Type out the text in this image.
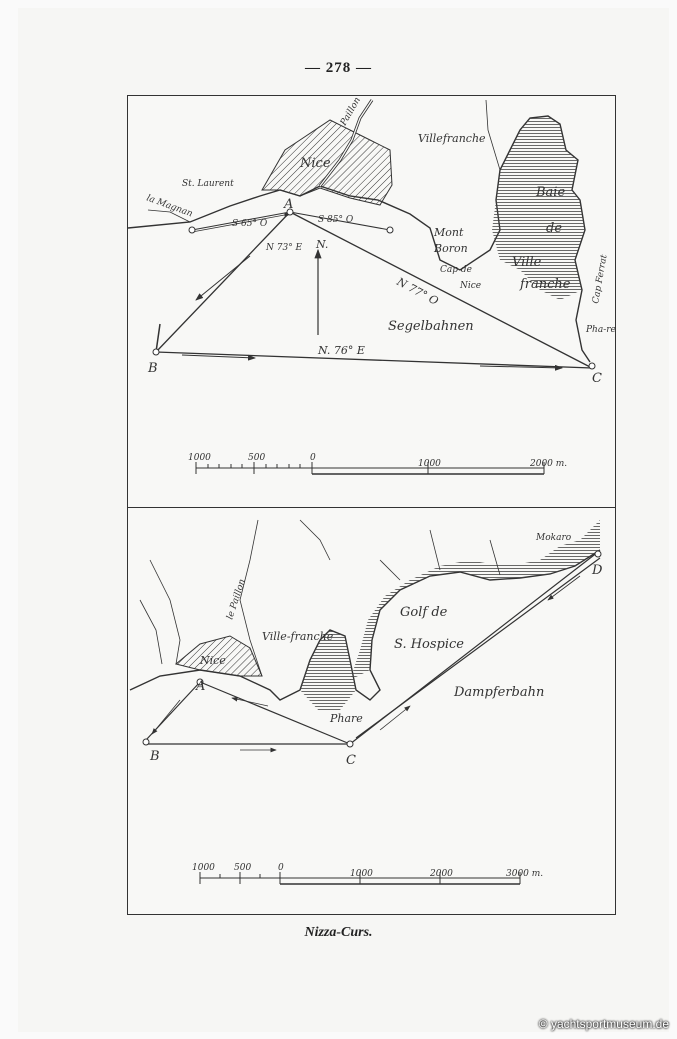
— 278 —
Nice
Villefranche
Baie
de
Ville
franche
St. Laurent
la Magnan
Mont
Boron
Cap de
Nice	Cap Ferrat
Pha-re
Paillon
A
B
C
S 65° O	S 85° O
N 73° E N.
N 77° O
N. 76° E
Segelbahnen
1000	500	0
1000	2000 m.
Nice
le Paillon
Ville-franche
Golf de
S. Hospice
Phare
Mokaro
Dampferbahn
A
B	C
D
1000 500	0
1000	2000	3000 m.
Nizza-Curs.
© yachtsportmuseum.de
